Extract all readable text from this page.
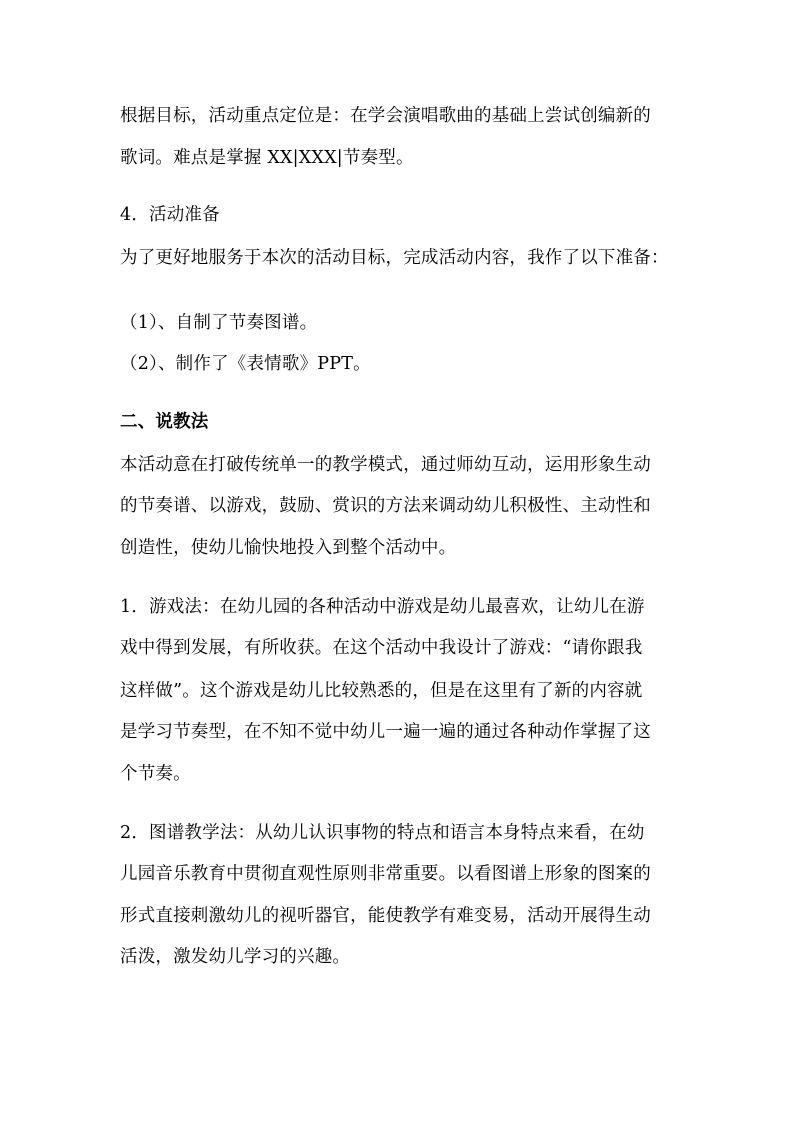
根据目标，活动重点定位是：在学会演唱歌曲的基础上尝试创编新的
歌词。难点是掌握 XX|XXX|节奏型。
4．活动准备
为了更好地服务于本次的活动目标，完成活动内容，我作了以下准备：
（1）、自制了节奏图谱。
（2）、制作了《表情歌》PPT。
二、说教法
本活动意在打破传统单一的教学模式，通过师幼互动，运用形象生动
的节奏谱、以游戏，鼓励、赏识的方法来调动幼儿积极性、主动性和
创造性，使幼儿愉快地投入到整个活动中。
1．游戏法：在幼儿园的各种活动中游戏是幼儿最喜欢，让幼儿在游
戏中得到发展，有所收获。在这个活动中我设计了游戏：“请你跟我
这样做”。这个游戏是幼儿比较熟悉的，但是在这里有了新的内容就
是学习节奏型，在不知不觉中幼儿一遍一遍的通过各种动作掌握了这
个节奏。
2．图谱教学法：从幼儿认识事物的特点和语言本身特点来看，在幼
儿园音乐教育中贯彻直观性原则非常重要。以看图谱上形象的图案的
形式直接刺激幼儿的视听器官，能使教学有难变易，活动开展得生动
活泼，激发幼儿学习的兴趣。
